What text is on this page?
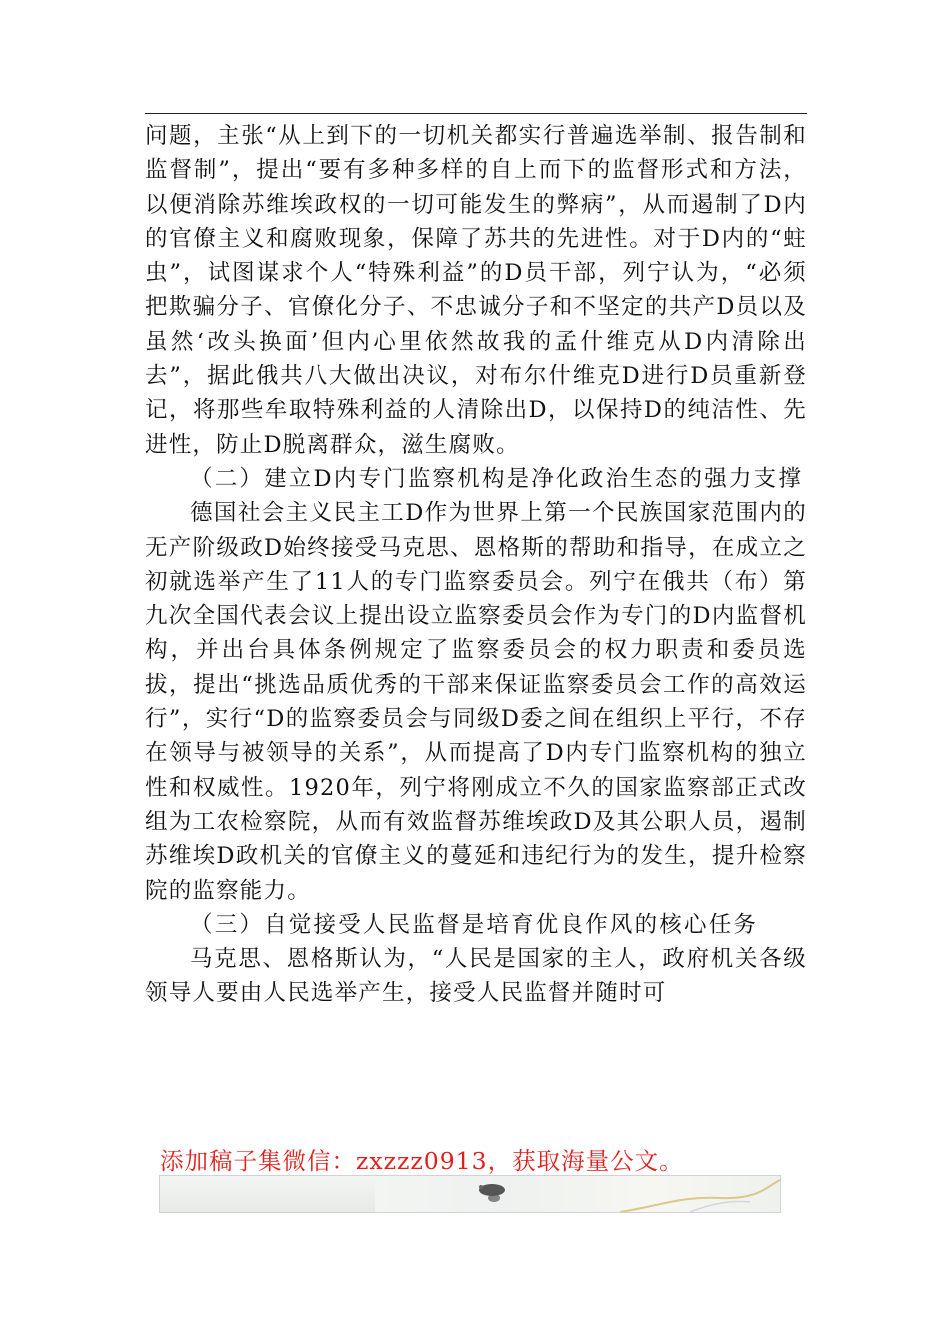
问题，主张“从上到下的一切机关都实行普遍选举制、报告制和监督制”，提出“要有多种多样的自上而下的监督形式和方法，以便消除苏维埃政权的一切可能发生的弊病”，从而遏制了D内的官僚主义和腐败现象，保障了苏共的先进性。对于D内的“蛀虫”，试图谋求个人“特殊利益”的D员干部，列宁认为，“必须把欺骗分子、官僚化分子、不忠诚分子和不坚定的共产D员以及虽然‘改头换面’但内心里依然故我的孟什维克从D内清除出去”，据此俄共八大做出决议，对布尔什维克D进行D员重新登记，将那些牟取特殊利益的人清除出D，以保持D的纯洁性、先进性，防止D脱离群众，滋生腐败。

（二）建立D内专门监察机构是净化政治生态的强力支撑

德国社会主义民主工D作为世界上第一个民族国家范围内的无产阶级政D始终接受马克思、恩格斯的帮助和指导，在成立之初就选举产生了11人的专门监察委员会。列宁在俄共（布）第九次全国代表会议上提出设立监察委员会作为专门的D内监督机构，并出台具体条例规定了监察委员会的权力职责和委员选拔，提出“挑选品质优秀的干部来保证监察委员会工作的高效运行”，实行“D的监察委员会与同级D委之间在组织上平行，不存在领导与被领导的关系”，从而提高了D内专门监察机构的独立性和权威性。1920年，列宁将刚成立不久的国家监察部正式改组为工农检察院，从而有效监督苏维埃政D及其公职人员，遏制苏维埃D政机关的官僚主义的蔓延和违纪行为的发生，提升检察院的监察能力。

（三）自觉接受人民监督是培育优良作风的核心任务

马克思、恩格斯认为，“人民是国家的主人，政府机关各级领导人要由人民选举产生，接受人民监督并随时可

添加稿子集微信：zxzzz0913，获取海量公文。
